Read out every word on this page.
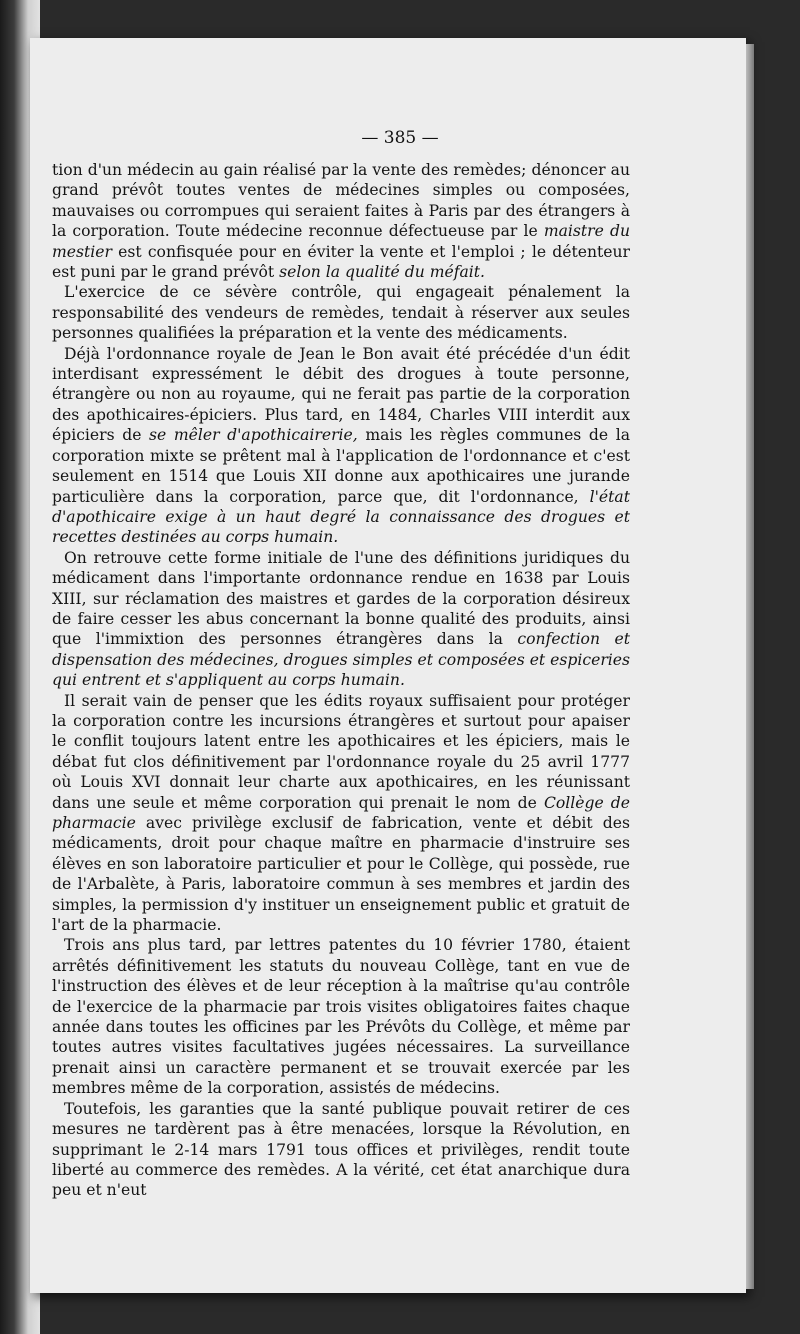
— 385 —

tion d'un médecin au gain réalisé par la vente des remèdes; dénoncer au grand prévôt toutes ventes de médecines simples ou composées, mauvaises ou corrompues qui seraient faites à Paris par des étrangers à la corporation. Toute médecine reconnue défectueuse par le maistre du mestier est confisquée pour en éviter la vente et l'emploi ; le détenteur est puni par le grand prévôt selon la qualité du méfait.

L'exercice de ce sévère contrôle, qui engageait pénalement la responsabilité des vendeurs de remèdes, tendait à réserver aux seules personnes qualifiées la préparation et la vente des médicaments.

Déjà l'ordonnance royale de Jean le Bon avait été précédée d'un édit interdisant expressément le débit des drogues à toute personne, étrangère ou non au royaume, qui ne ferait pas partie de la corporation des apothicaires-épiciers. Plus tard, en 1484, Charles VIII interdit aux épiciers de se mêler d'apothicairerie, mais les règles communes de la corporation mixte se prêtent mal à l'application de l'ordonnance et c'est seulement en 1514 que Louis XII donne aux apothicaires une jurande particulière dans la corporation, parce que, dit l'ordonnance, l'état d'apothicaire exige à un haut degré la connaissance des drogues et recettes destinées au corps humain.

On retrouve cette forme initiale de l'une des définitions juridiques du médicament dans l'importante ordonnance rendue en 1638 par Louis XIII, sur réclamation des maistres et gardes de la corporation désireux de faire cesser les abus concernant la bonne qualité des produits, ainsi que l'immixtion des personnes étrangères dans la confection et dispensation des médecines, drogues simples et composées et espiceries qui entrent et s'appliquent au corps humain.

Il serait vain de penser que les édits royaux suffisaient pour protéger la corporation contre les incursions étrangères et surtout pour apaiser le conflit toujours latent entre les apothicaires et les épiciers, mais le débat fut clos définitivement par l'ordonnance royale du 25 avril 1777 où Louis XVI donnait leur charte aux apothicaires, en les réunissant dans une seule et même corporation qui prenait le nom de Collège de pharmacie avec privilège exclusif de fabrication, vente et débit des médicaments, droit pour chaque maître en pharmacie d'instruire ses élèves en son laboratoire particulier et pour le Collège, qui possède, rue de l'Arbalète, à Paris, laboratoire commun à ses membres et jardin des simples, la permission d'y instituer un enseignement public et gratuit de l'art de la pharmacie.

Trois ans plus tard, par lettres patentes du 10 février 1780, étaient arrêtés définitivement les statuts du nouveau Collège, tant en vue de l'instruction des élèves et de leur réception à la maîtrise qu'au contrôle de l'exercice de la pharmacie par trois visites obligatoires faites chaque année dans toutes les officines par les Prévôts du Collège, et même par toutes autres visites facultatives jugées nécessaires. La surveillance prenait ainsi un caractère permanent et se trouvait exercée par les membres même de la corporation, assistés de médecins.

Toutefois, les garanties que la santé publique pouvait retirer de ces mesures ne tardèrent pas à être menacées, lorsque la Révolution, en supprimant le 2-14 mars 1791 tous offices et privilèges, rendit toute liberté au commerce des remèdes. A la vérité, cet état anarchique dura peu et n'eut
